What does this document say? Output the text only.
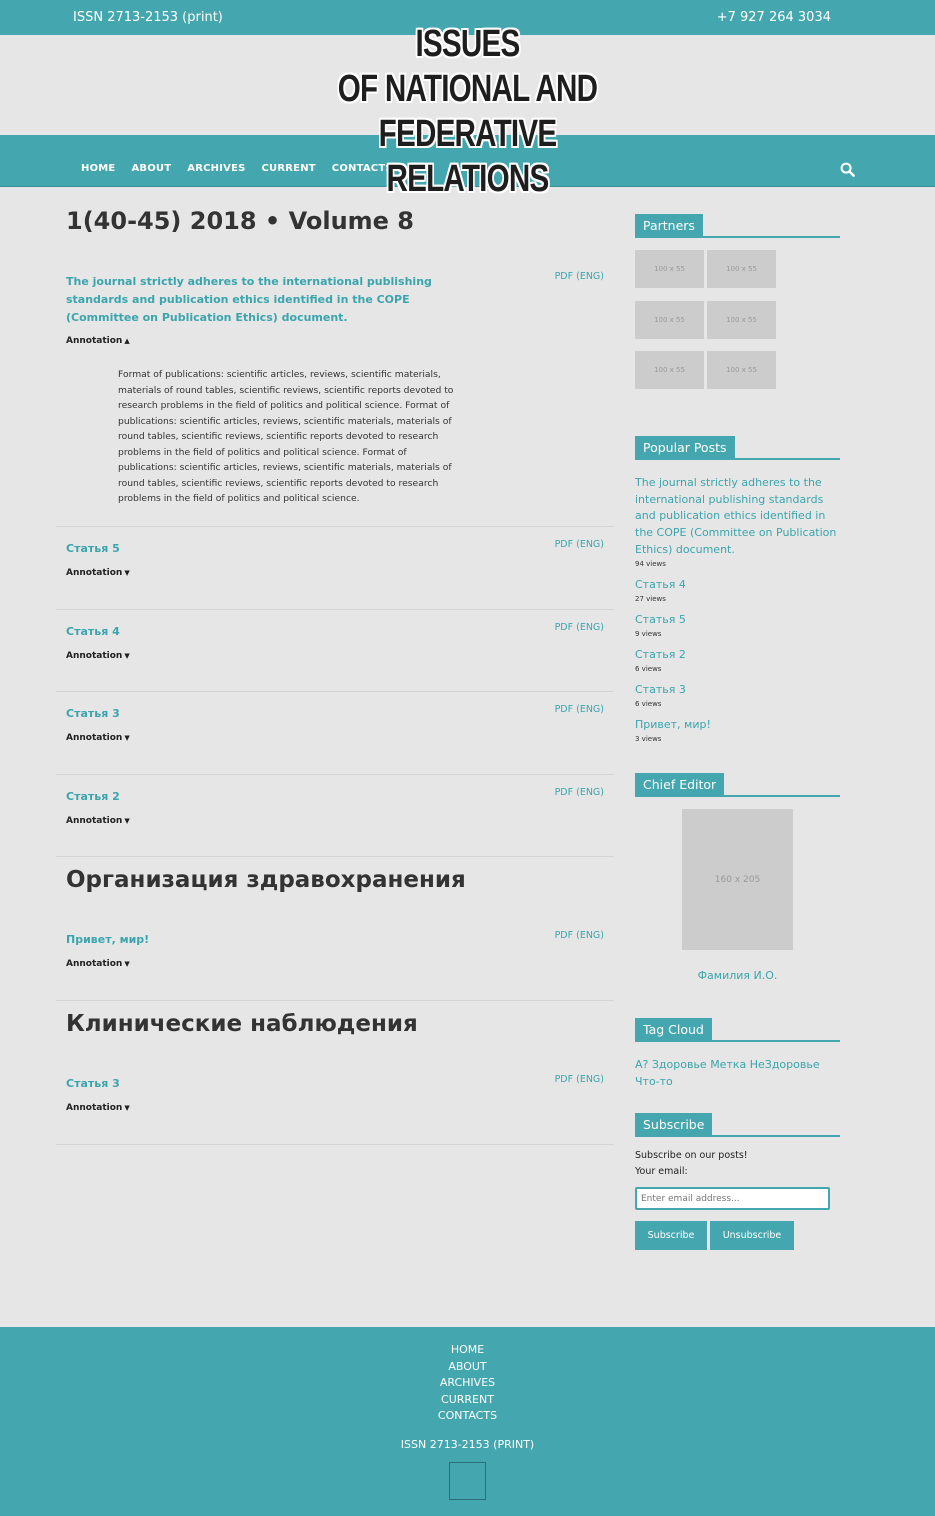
ISSN 2713-2153 (print)	+7 927 264 3034
ISSUES
OF NATIONAL AND FEDERATIVE
RELATIONS
HOME ABOUT ARCHIVES CURRENT CONTACTS
1(40-45) 2018 • Volume 8
The journal strictly adheres to the international publishing standards and publication ethics identified in the COPE (Committee on Publication Ethics) document.
PDF (ENG)
Annotation ▲

Format of publications: scientific articles, reviews, scientific materials, materials of round tables, scientific reviews, scientific reports devoted to research problems in the field of politics and political science. Format of publications: scientific articles, reviews, scientific materials, materials of round tables, scientific reviews, scientific reports devoted to research problems in the field of politics and political science. Format of publications: scientific articles, reviews, scientific materials, materials of round tables, scientific reviews, scientific reports devoted to research problems in the field of politics and political science.

Статья 5	PDF (ENG)
Annotation ▼
Статья 4	PDF (ENG)
Annotation ▼
Статья 3	PDF (ENG)
Annotation ▼
Статья 2	PDF (ENG)
Annotation ▼
Организация здравохранения
Привет, мир!	PDF (ENG)
Annotation ▼
Клинические наблюдения
Статья 3	PDF (ENG)
Annotation ▼
Partners
100 x 55	100 x 55
100 x 55	100 x 55
100 x 55	100 x 55
Popular Posts
The journal strictly adheres to the international publishing standards and publication ethics identified in the COPE (Committee on Publication Ethics) document.
94 views
Статья 4
27 views
Статья 5
9 views
Статья 2
6 views
Статья 3
6 views
Привет, мир!
3 views
Chief Editor
160 x 205
Фамилия И.О.
Tag Cloud
А? Здоровье Метка НеЗдоровье Что-то
Subscribe
Subscribe on our posts!
Your email:
Enter email address...
Subscribe	Unsubscribe
HOME
ABOUT
ARCHIVES
CURRENT
CONTACTS
ISSN 2713-2153 (PRINT)
